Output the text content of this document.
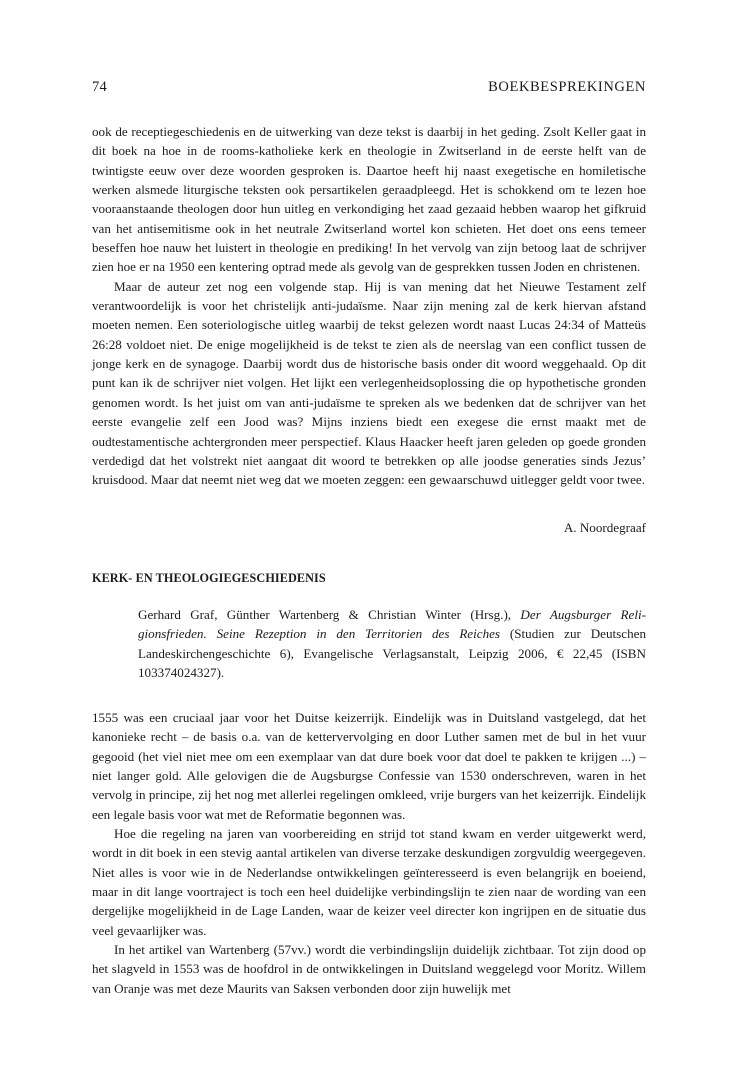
74	BOEKBESPREKINGEN

ook de receptiegeschiedenis en de uitwerking van deze tekst is daarbij in het geding. Zsolt Keller gaat in dit boek na hoe in de rooms-katholieke kerk en theologie in Zwitserland in de eerste helft van de twintigste eeuw over deze woorden gesproken is. Daartoe heeft hij naast exegetische en homiletische werken alsmede liturgische teksten ook persartikelen geraadpleegd. Het is schokkend om te lezen hoe vooraanstaande theologen door hun uitleg en verkondiging het zaad gezaaid hebben waarop het gifkruid van het antisemitisme ook in het neutrale Zwitserland wortel kon schieten. Het doet ons eens temeer beseffen hoe nauw het luistert in theologie en prediking! In het vervolg van zijn betoog laat de schrijver zien hoe er na 1950 een kentering optrad mede als gevolg van de gesprekken tussen Joden en christenen.

Maar de auteur zet nog een volgende stap. Hij is van mening dat het Nieuwe Testament zelf verantwoordelijk is voor het christelijk anti-judaïsme. Naar zijn mening zal de kerk hiervan afstand moeten nemen. Een soteriologische uitleg waarbij de tekst gelezen wordt naast Lucas 24:34 of Matteüs 26:28 voldoet niet. De enige mogelijkheid is de tekst te zien als de neerslag van een conflict tussen de jonge kerk en de synagoge. Daarbij wordt dus de historische basis onder dit woord weggehaald. Op dit punt kan ik de schrijver niet volgen. Het lijkt een verlegenheidsoplossing die op hypothetische gronden genomen wordt. Is het juist om van anti-judaïsme te spreken als we bedenken dat de schrijver van het eerste evangelie zelf een Jood was? Mijns inziens biedt een exegese die ernst maakt met de oudtestamentische achtergronden meer perspectief. Klaus Haacker heeft jaren geleden op goede gronden verdedigd dat het volstrekt niet aangaat dit woord te betrekken op alle joodse generaties sinds Jezus’ kruisdood. Maar dat neemt niet weg dat we moeten zeggen: een gewaarschuwd uitlegger geldt voor twee.

A. Noordegraaf
KERK- EN THEOLOGIEGESCHIEDENIS
Gerhard Graf, Günther Wartenberg & Christian Winter (Hrsg.), Der Augsburger Religionsfrieden. Seine Rezeption in den Territorien des Reiches (Studien zur Deutschen Landeskirchengeschichte 6), Evangelische Verlagsanstalt, Leipzig 2006, € 22,45 (ISBN 103374024327).

1555 was een cruciaal jaar voor het Duitse keizerrijk. Eindelijk was in Duitsland vastgelegd, dat het kanonieke recht – de basis o.a. van de kettervervolging en door Luther samen met de bul in het vuur gegooid (het viel niet mee om een exemplaar van dat dure boek voor dat doel te pakken te krijgen ...) – niet langer gold. Alle gelovigen die de Augsburgse Confessie van 1530 onderschreven, waren in het vervolg in principe, zij het nog met allerlei regelingen omkleed, vrije burgers van het keizerrijk. Eindelijk een legale basis voor wat met de Reformatie begonnen was.

Hoe die regeling na jaren van voorbereiding en strijd tot stand kwam en verder uitgewerkt werd, wordt in dit boek in een stevig aantal artikelen van diverse terzake deskundigen zorgvuldig weergegeven. Niet alles is voor wie in de Nederlandse ontwikkelingen geïnteresseerd is even belangrijk en boeiend, maar in dit lange voortraject is toch een heel duidelijke verbindingslijn te zien naar de wording van een dergelijke mogelijkheid in de Lage Landen, waar de keizer veel directer kon ingrijpen en de situatie dus veel gevaarlijker was.

In het artikel van Wartenberg (57vv.) wordt die verbindingslijn duidelijk zichtbaar. Tot zijn dood op het slagveld in 1553 was de hoofdrol in de ontwikkelingen in Duitsland weggelegd voor Moritz. Willem van Oranje was met deze Maurits van Saksen verbonden door zijn huwelijk met
